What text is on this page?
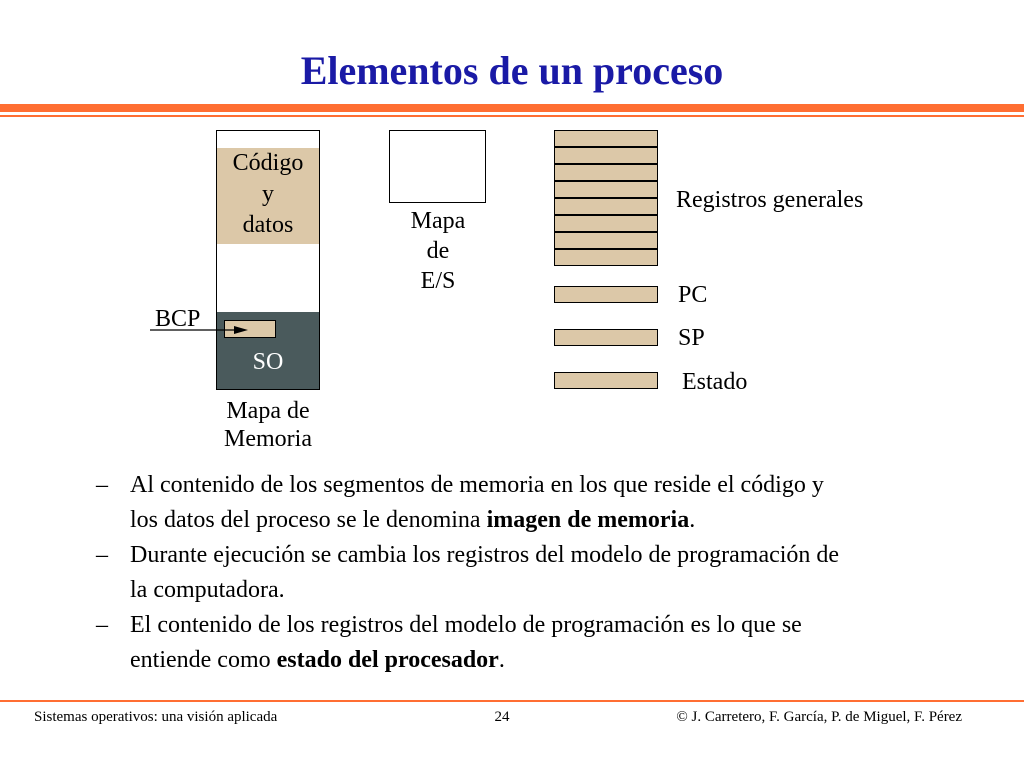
Elementos de un proceso
Código
y
datos
SO
BCP
Mapa de
Memoria
Mapa
de
E/S
Registros generales
PC
SP
Estado
– Al contenido de los segmentos de memoria en los que reside el código y
los datos del proceso se le denomina imagen de memoria.
– Durante ejecución se cambia los registros del modelo de programación de
la computadora.
– El contenido de los registros del modelo de programación es lo que se
entiende como estado del procesador.
Sistemas operativos: una visión aplicada	24	© J. Carretero, F. García, P. de Miguel, F. Pérez
